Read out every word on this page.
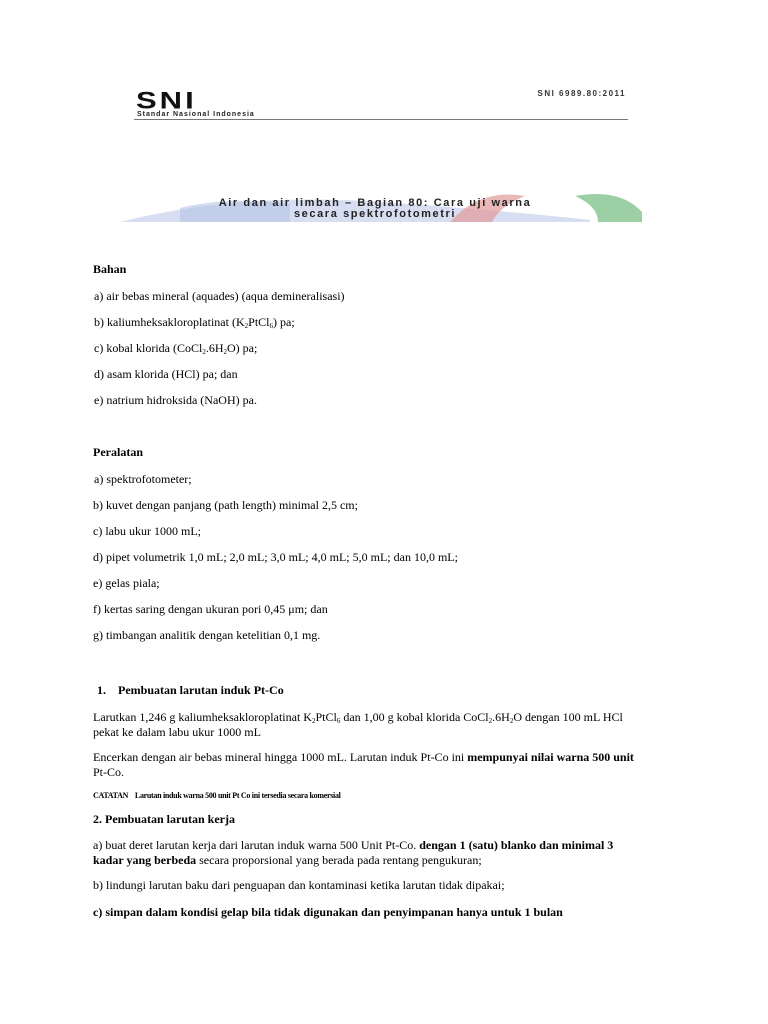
SNI
Standar Nasional Indonesia
SNI 6989.80:2011
Air dan air limbah – Bagian 80: Cara uji warna
secara spektrofotometri
Bahan
a) air bebas mineral (aquades) (aqua demineralisasi)
b) kaliumheksakloroplatinat $(K_2PtCl_6)$ pa;
c) kobal klorida $(CoCl_2.6H_2O)$ pa;
d) asam klorida (HCl) pa; dan
e) natrium hidroksida (NaOH) pa.
Peralatan
a) spektrofotometer;
b) kuvet dengan panjang (path length) minimal 2,5 cm;
c) labu ukur 1000 mL;
d) pipet volumetrik 1,0 mL; 2,0 mL; 3,0 mL; 4,0 mL; 5,0 mL; dan 10,0 mL;
e) gelas piala;
f) kertas saring dengan ukuran pori 0,45 μm; dan
g) timbangan analitik dengan ketelitian 0,1 mg.
1.    Pembuatan larutan induk Pt-Co
Larutkan 1,246 g kaliumheksakloroplatinat $K_2PtCl_6$ dan 1,00 g kobal klorida $CoCl_2.6H_2O$ dengan 100 mL HCl
pekat ke dalam labu ukur 1000 mL
Encerkan dengan air bebas mineral hingga 1000 mL. Larutan induk Pt-Co ini mempunyai nilai warna 500 unit
Pt-Co.
CATATAN Larutan induk warna 500 unit Pt Co ini tersedia secara komersial
2. Pembuatan larutan kerja
a) buat deret larutan kerja dari larutan induk warna 500 Unit Pt-Co. dengan 1 (satu) blanko dan minimal 3
kadar yang berbeda secara proporsional yang berada pada rentang pengukuran;
b) lindungi larutan baku dari penguapan dan kontaminasi ketika larutan tidak dipakai;
c) simpan dalam kondisi gelap bila tidak digunakan dan penyimpanan hanya untuk 1 bulan
